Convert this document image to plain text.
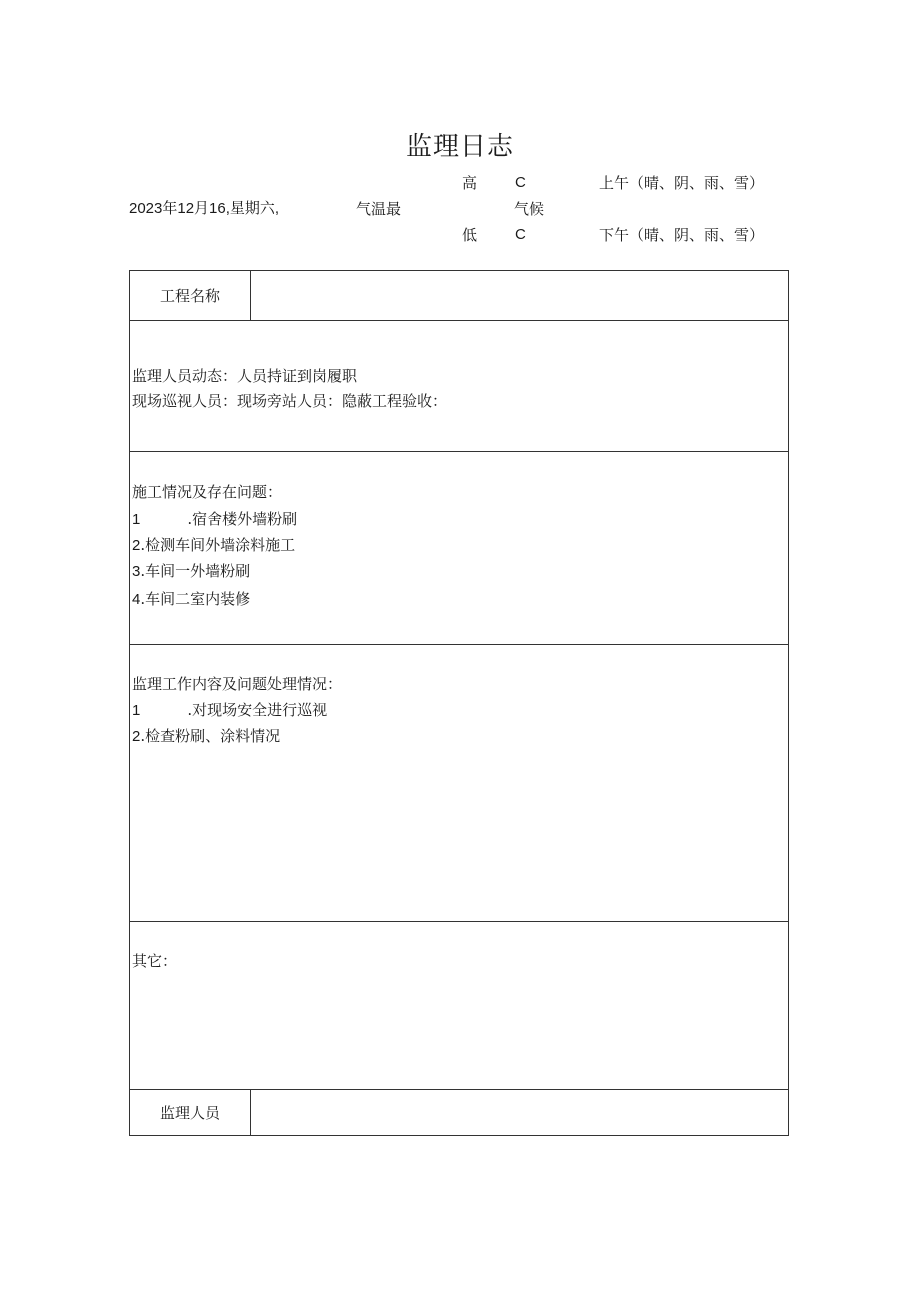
监理日志
2023年12月16,星期六,	气温最
高	C
低	C
气候
上午（晴、阴、雨、雪）
下午（晴、阴、雨、雪）
工程名称
监理人员动态：人员持证到岗履职
现场巡视人员：现场旁站人员：隐蔽工程验收：
施工情况及存在问题：
1	.宿舍楼外墙粉刷
2.检测车间外墙涂料施工
3.车间一外墙粉刷
4.车间二室内装修
监理工作内容及问题处理情况：
1	.对现场安全进行巡视
2.检查粉刷、涂料情况
其它：
监理人员
